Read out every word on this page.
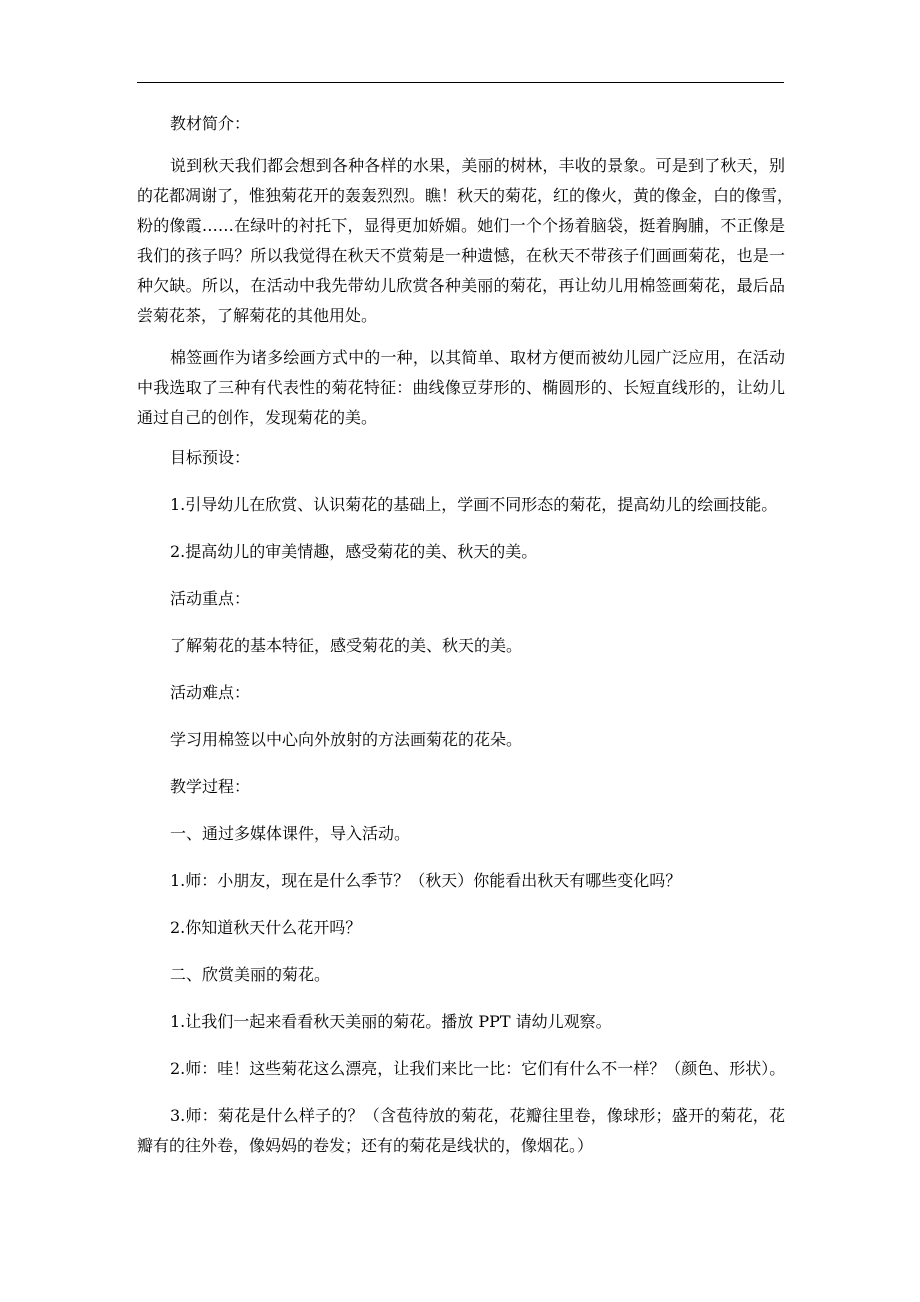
教材简介：
说到秋天我们都会想到各种各样的水果，美丽的树林，丰收的景象。可是到了秋天，别
的花都凋谢了，惟独菊花开的轰轰烈烈。瞧！秋天的菊花，红的像火，黄的像金，白的像雪，
粉的像霞……在绿叶的衬托下，显得更加娇媚。她们一个个扬着脑袋，挺着胸脯，不正像是
我们的孩子吗？所以我觉得在秋天不赏菊是一种遗憾，在秋天不带孩子们画画菊花，也是一
种欠缺。所以，在活动中我先带幼儿欣赏各种美丽的菊花，再让幼儿用棉签画菊花，最后品
尝菊花茶，了解菊花的其他用处。
棉签画作为诸多绘画方式中的一种，以其简单、取材方便而被幼儿园广泛应用，在活动
中我选取了三种有代表性的菊花特征：曲线像豆芽形的、椭圆形的、长短直线形的，让幼儿
通过自己的创作，发现菊花的美。
目标预设：
1.引导幼儿在欣赏、认识菊花的基础上，学画不同形态的菊花，提高幼儿的绘画技能。
2.提高幼儿的审美情趣，感受菊花的美、秋天的美。
活动重点：
了解菊花的基本特征，感受菊花的美、秋天的美。
活动难点：
学习用棉签以中心向外放射的方法画菊花的花朵。
教学过程：
一、通过多媒体课件，导入活动。
1.师：小朋友，现在是什么季节？（秋天）你能看出秋天有哪些变化吗？
2.你知道秋天什么花开吗？
二、欣赏美丽的菊花。
1.让我们一起来看看秋天美丽的菊花。播放 PPT 请幼儿观察。
2.师：哇！这些菊花这么漂亮，让我们来比一比：它们有什么不一样？（颜色、形状）。
3.师：菊花是什么样子的？（含苞待放的菊花，花瓣往里卷，像球形；盛开的菊花，花
瓣有的往外卷，像妈妈的卷发；还有的菊花是线状的，像烟花。）
